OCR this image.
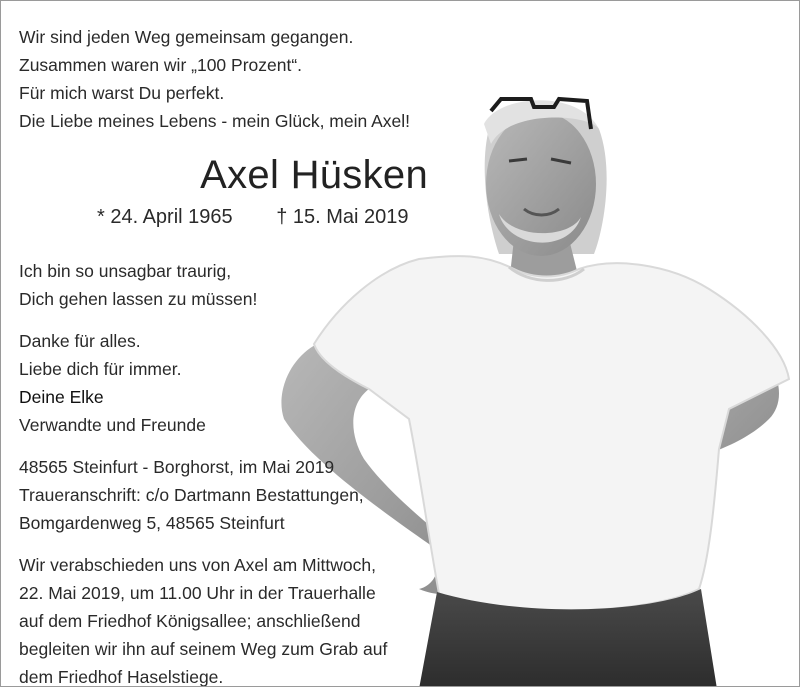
Wir sind jeden Weg gemeinsam gegangen.
Zusammen waren wir „100 Prozent“.
Für mich warst Du perfekt.
Die Liebe meines Lebens - mein Glück, mein Axel!
Axel Hüsken
* 24. April 1965 † 15. Mai 2019
Ich bin so unsagbar traurig,
Dich gehen lassen zu müssen!
Danke für alles.
Liebe dich für immer.
Deine Elke
Verwandte und Freunde
48565 Steinfurt - Borghorst, im Mai 2019
Traueranschrift: c/o Dartmann Bestattungen,
Bomgardenweg 5, 48565 Steinfurt
Wir verabschieden uns von Axel am Mittwoch,
22. Mai 2019, um 11.00 Uhr in der Trauerhalle
auf dem Friedhof Königsallee; anschließend
begleiten wir ihn auf seinem Weg zum Grab auf
dem Friedhof Haselstiege.
